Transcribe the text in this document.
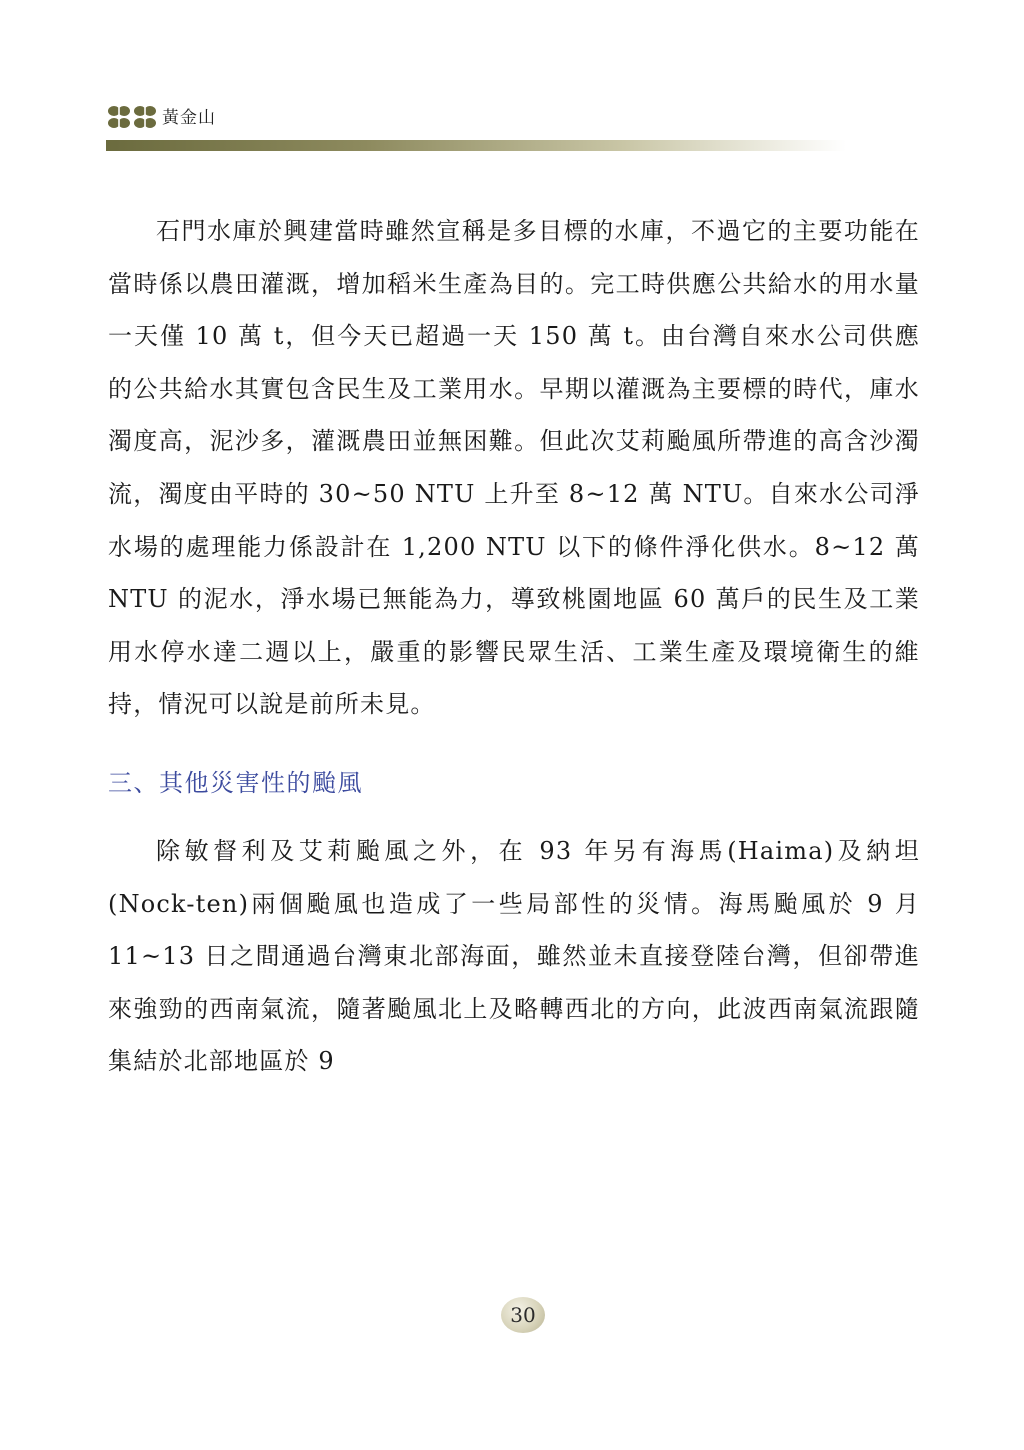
黃金山

石門水庫於興建當時雖然宣稱是多目標的水庫，不過它的主要功能在當時係以農田灌溉，增加稻米生產為目的。完工時供應公共給水的用水量一天僅 10 萬 t，但今天已超過一天 150 萬 t。由台灣自來水公司供應的公共給水其實包含民生及工業用水。早期以灌溉為主要標的時代，庫水濁度高，泥沙多，灌溉農田並無困難。但此次艾莉颱風所帶進的高含沙濁流，濁度由平時的 30~50 NTU 上升至 8~12 萬 NTU。自來水公司淨水場的處理能力係設計在 1,200 NTU 以下的條件淨化供水。8~12 萬 NTU 的泥水，淨水場已無能為力，導致桃園地區 60 萬戶的民生及工業用水停水達二週以上，嚴重的影響民眾生活、工業生產及環境衛生的維持，情況可以說是前所未見。

三、其他災害性的颱風

除敏督利及艾莉颱風之外，在 93 年另有海馬(Haima)及納坦(Nock-ten)兩個颱風也造成了一些局部性的災情。海馬颱風於 9 月 11~13 日之間通過台灣東北部海面，雖然並未直接登陸台灣，但卻帶進來強勁的西南氣流，隨著颱風北上及略轉西北的方向，此波西南氣流跟隨集結於北部地區於 9

30
